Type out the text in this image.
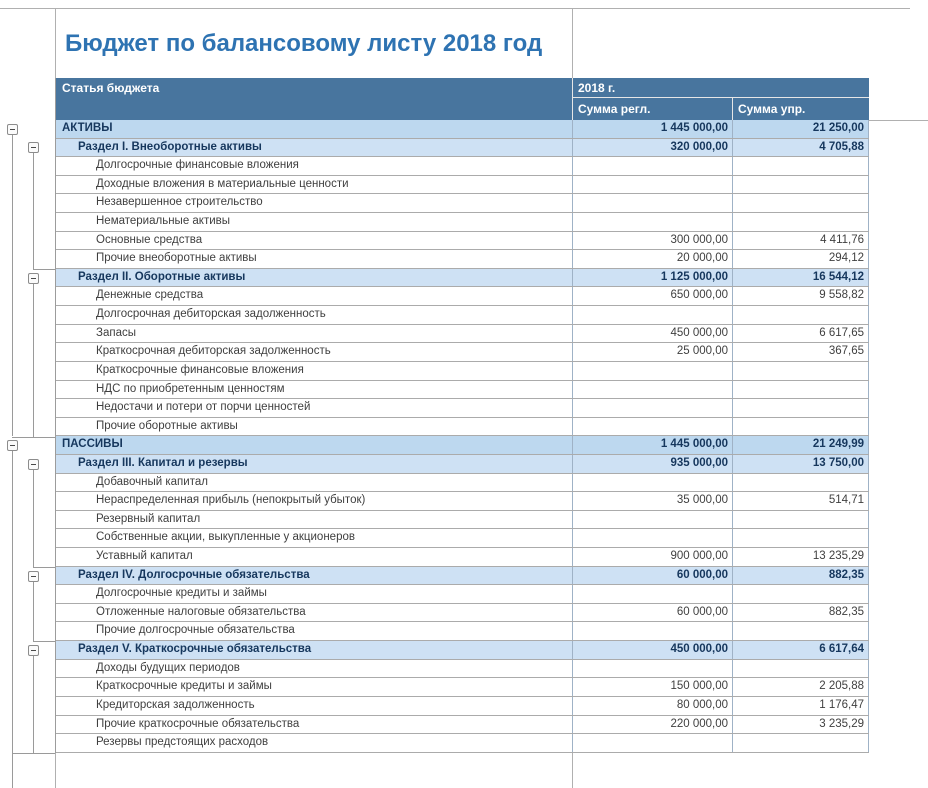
Бюджет по балансовому листу 2018 год
Статья бюджета	2018 г.
Сумма регл.	Сумма упр.
АКТИВЫ	1 445 000,00	21 250,00
Раздел I. Внеоборотные активы	320 000,00	4 705,88
Долгосрочные финансовые вложения
Доходные вложения в материальные ценности
Незавершенное строительство
Нематериальные активы
Основные средства	300 000,00	4 411,76
Прочие внеоборотные активы	20 000,00	294,12
Раздел II. Оборотные активы	1 125 000,00	16 544,12
Денежные средства	650 000,00	9 558,82
Долгосрочная дебиторская задолженность
Запасы	450 000,00	6 617,65
Краткосрочная дебиторская задолженность	25 000,00	367,65
Краткосрочные финансовые вложения
НДС по приобретенным ценностям
Недостачи и потери от порчи ценностей
Прочие оборотные активы
ПАССИВЫ	1 445 000,00	21 249,99
Раздел III. Капитал и резервы	935 000,00	13 750,00
Добавочный капитал
Нераспределенная прибыль (непокрытый убыток)	35 000,00	514,71
Резервный капитал
Собственные акции, выкупленные у акционеров
Уставный капитал	900 000,00	13 235,29
Раздел IV. Долгосрочные обязательства	60 000,00	882,35
Долгосрочные кредиты и займы
Отложенные налоговые обязательства	60 000,00	882,35
Прочие долгосрочные обязательства
Раздел V. Краткосрочные обязательства	450 000,00	6 617,64
Доходы будущих периодов
Краткосрочные кредиты и займы	150 000,00	2 205,88
Кредиторская задолженность	80 000,00	1 176,47
Прочие краткосрочные обязательства	220 000,00	3 235,29
Резервы предстоящих расходов
